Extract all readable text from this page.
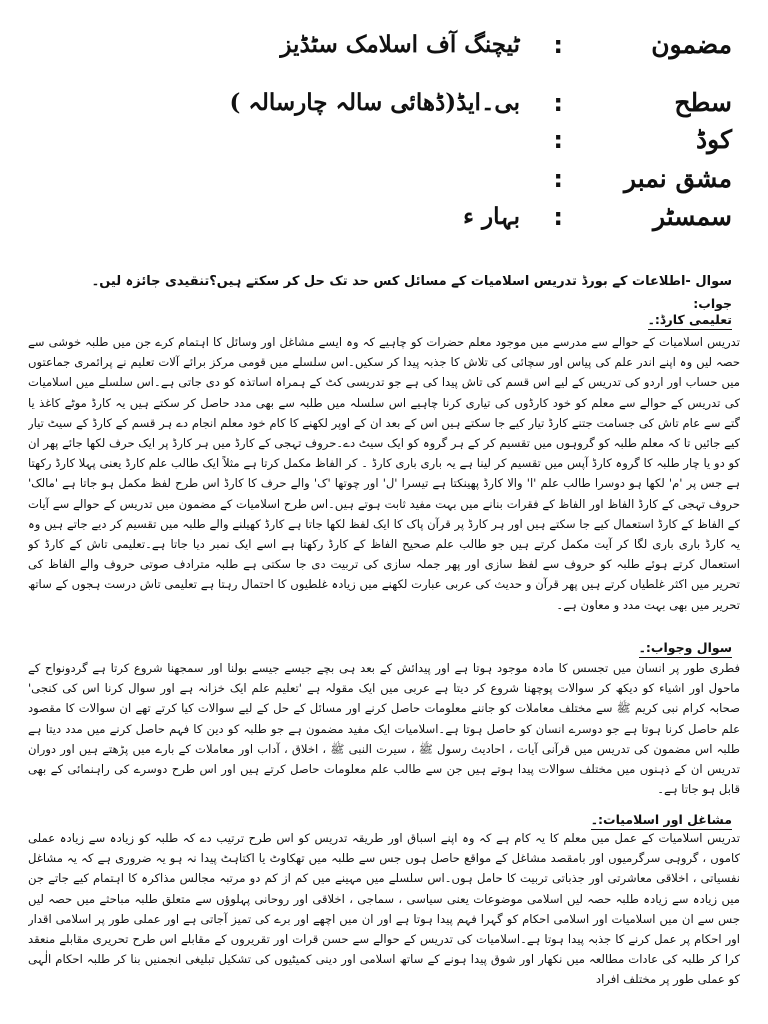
مضمون
:
ٹیچنگ آف اسلامک سٹڈیز
سطح
:
بی۔ایڈ(ڈھائی سالہ چارسالہ )
کوڈ
:
مشق نمبر
:
سمسٹر
:
بہار ء
سوال -اطلاعات کے بورڈ تدریس اسلامیات کے مسائل کس حد تک حل کر سکتے ہیں؟تنقیدی جائزہ لیں۔
جواب:
تعلیمی کارڈ:۔
تدریس اسلامیات کے حوالے سے مدرسے میں موجود معلم حضرات کو چاہیے کہ وہ ایسے مشاغل اور وسائل کا اہتمام کرے جن میں طلبہ خوشی سے حصہ لیں وہ اپنے اندر علم کی پیاس اور سچائی کی تلاش کا جذبہ پیدا کر سکیں۔اس سلسلے میں قومی مرکز برائے آلات تعلیم نے پرائمری جماعتوں میں حساب اور اردو کی تدریس کے لیے اس قسم کی تاش پیدا کی ہے جو تدریسی کٹ کے ہمراہ اساتذہ کو دی جاتی ہے۔اس سلسلے میں اسلامیات کی تدریس کے حوالے سے معلم کو خود کارڈوں کی تیاری کرنا چاہیے اس سلسلہ میں طلبہ سے بھی مدد حاصل کر سکتے ہیں یہ کارڈ موٹے کاغذ یا گتے سے عام تاش کی جسامت جتنے کارڈ تیار کیے جا سکتے ہیں اس کے بعد ان کے اوپر لکھنے کا کام خود معلم انجام دے ہر قسم کے کارڈ کے سیٹ تیار کیے جائیں تا کہ معلم طلبہ کو گروہوں میں تقسیم کر کے ہر گروہ کو ایک سیٹ دے۔حروف تہجی کے کارڈ میں ہر کارڈ پر ایک حرف لکھا جائے پھر ان کو دو یا چار طلبہ کا گروہ کارڈ آپس میں تقسیم کر لینا ہے یہ باری باری کارڈ ۔ کر الفاظ مکمل کرتا ہے مثلاً ایک طالب علم کارڈ یعنی پہلا کارڈ رکھتا ہے جس پر 'م' لکھا ہو دوسرا طالب علم 'ا' والا کارڈ پھینکتا ہے تیسرا 'ل' اور چوتھا 'ک' والے حرف کا کارڈ اس طرح لفظ مکمل ہو جاتا ہے 'مالک' حروف تہجی کے کارڈ الفاظ اور الفاظ کے فقرات بنانے میں بہت مفید ثابت ہوتے ہیں۔اس طرح اسلامیات کے مضمون میں تدریس کے حوالے سے آیات کے الفاظ کے کارڈ استعمال کیے جا سکتے ہیں اور ہر کارڈ پر قرآن پاک کا ایک لفظ لکھا جاتا ہے کارڈ کھیلنے والے طلبہ میں تقسیم کر دیے جاتے ہیں وہ یہ کارڈ باری باری لگا کر آیت مکمل کرتے ہیں جو طالب علم صحیح الفاظ کے کارڈ رکھتا ہے اسے ایک نمبر دیا جاتا ہے۔تعلیمی تاش کے کارڈ کو استعمال کرتے ہوئے طلبہ کو حروف سے لفظ سازی اور پھر جملہ سازی کی تربیت دی جا سکتی ہے طلبہ مترادف صوتی حروف والے الفاظ کی تحریر میں اکثر غلطیاں کرتے ہیں پھر قرآن و حدیث کی عربی عبارت لکھنے میں زیادہ غلطیوں کا احتمال رہتا ہے تعلیمی تاش درست ہجوں کے ساتھ تحریر میں بھی بہت مدد و معاون ہے۔
سوال وجواب:۔
فطری طور پر انسان میں تجسس کا مادہ موجود ہوتا ہے اور پیدائش کے بعد ہی بچے جیسے جیسے بولنا اور سمجھنا شروع کرتا ہے گردونواح کے ماحول اور اشیاء کو دیکھ کر سوالات پوچھنا شروع کر دیتا ہے عربی میں ایک مقولہ ہے 'تعلیم علم ایک خزانہ ہے اور سوال کرنا اس کی کنجی' صحابہ کرام نبی کریم ﷺ سے مختلف معاملات کو جاننے معلومات حاصل کرنے اور مسائل کے حل کے لیے سوالات کیا کرتے تھے ان سوالات کا مقصود علم حاصل کرنا ہوتا ہے جو دوسرے انسان کو حاصل ہوتا ہے۔اسلامیات ایک مفید مضمون ہے جو طلبہ کو دین کا فہم حاصل کرنے میں مدد دیتا ہے طلبہ اس مضمون کی تدریس میں قرآنی آیات ، احادیث رسول ﷺ ، سیرت النبی ﷺ ، اخلاق ، آداب اور معاملات کے بارے میں پڑھتے ہیں اور دوران تدریس ان کے ذہنوں میں مختلف سوالات پیدا ہوتے ہیں جن سے طالب علم معلومات حاصل کرتے ہیں اور اس طرح دوسرے کی راہنمائی کے بھی قابل ہو جاتا ہے۔
مشاغل اور اسلامیات:۔
تدریس اسلامیات کے عمل میں معلم کا یہ کام ہے کہ وہ اپنے اسباق اور طریقہ تدریس کو اس طرح ترتیب دے کہ طلبہ کو زیادہ سے زیادہ عملی کاموں ، گروہی سرگرمیوں اور بامقصد مشاغل کے مواقع حاصل ہوں جس سے طلبہ میں تھکاوٹ یا اکتاہٹ پیدا نہ ہو یہ ضروری ہے کہ یہ مشاغل نفسیاتی ، اخلاقی معاشرتی اور جذباتی تربیت کا حامل ہوں۔اس سلسلے میں مہینے میں کم از کم دو مرتبہ مجالس مذاکرہ کا اہتمام کیے جاتے جن میں زیادہ سے زیادہ طلبہ حصہ لیں اسلامی موضوعات یعنی سیاسی ، سماجی ، اخلاقی اور روحانی پہلوؤں سے متعلق طلبہ مباحثے میں حصہ لیں جس سے ان میں اسلامیات اور اسلامی احکام کو گہرا فہم پیدا ہوتا ہے اور ان میں اچھے اور برے کی تمیز آجاتی ہے اور عملی طور پر اسلامی اقدار اور احکام پر عمل کرنے کا جذبہ پیدا ہوتا ہے۔اسلامیات کی تدریس کے حوالے سے حسن قرات اور تقریروں کے مقابلے اس طرح تحریری مقابلے منعقد کرا کر طلبہ کی عادات مطالعہ میں نکھار اور شوق پیدا ہونے کے ساتھ اسلامی اور دینی کمیٹیوں کی تشکیل تبلیغی انجمنیں بنا کر طلبہ احکام الٰہی کو عملی طور پر مختلف افراد
